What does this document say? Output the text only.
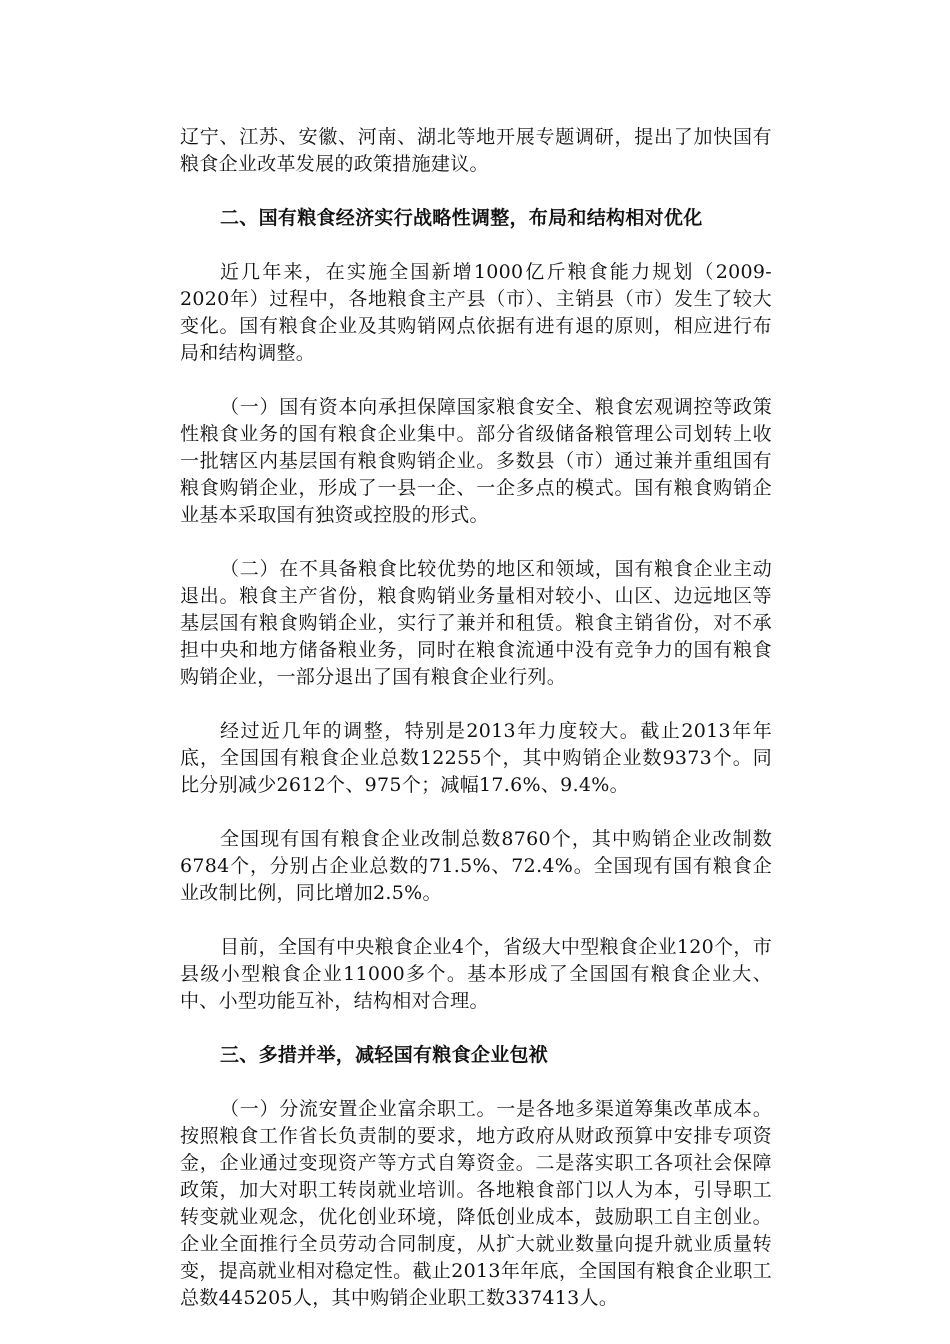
辽宁、江苏、安徽、河南、湖北等地开展专题调研，提出了加快国有粮食企业改革发展的政策措施建议。

二、国有粮食经济实行战略性调整，布局和结构相对优化

近几年来，在实施全国新增1000亿斤粮食能力规划（2009-2020年）过程中，各地粮食主产县（市）、主销县（市）发生了较大变化。国有粮食企业及其购销网点依据有进有退的原则，相应进行布局和结构调整。

（一）国有资本向承担保障国家粮食安全、粮食宏观调控等政策性粮食业务的国有粮食企业集中。部分省级储备粮管理公司划转上收一批辖区内基层国有粮食购销企业。多数县（市）通过兼并重组国有粮食购销企业，形成了一县一企、一企多点的模式。国有粮食购销企业基本采取国有独资或控股的形式。

（二）在不具备粮食比较优势的地区和领域，国有粮食企业主动退出。粮食主产省份，粮食购销业务量相对较小、山区、边远地区等基层国有粮食购销企业，实行了兼并和租赁。粮食主销省份，对不承担中央和地方储备粮业务，同时在粮食流通中没有竞争力的国有粮食购销企业，一部分退出了国有粮食企业行列。

经过近几年的调整，特别是2013年力度较大。截止2013年年底，全国国有粮食企业总数12255个，其中购销企业数9373个。同比分别减少2612个、975个；减幅17.6%、9.4%。

全国现有国有粮食企业改制总数8760个，其中购销企业改制数6784个，分别占企业总数的71.5%、72.4%。全国现有国有粮食企业改制比例，同比增加2.5%。

目前，全国有中央粮食企业4个，省级大中型粮食企业120个，市县级小型粮食企业11000多个。基本形成了全国国有粮食企业大、中、小型功能互补，结构相对合理。

三、多措并举，减轻国有粮食企业包袱

（一）分流安置企业富余职工。一是各地多渠道筹集改革成本。按照粮食工作省长负责制的要求，地方政府从财政预算中安排专项资金，企业通过变现资产等方式自筹资金。二是落实职工各项社会保障政策，加大对职工转岗就业培训。各地粮食部门以人为本，引导职工转变就业观念，优化创业环境，降低创业成本，鼓励职工自主创业。企业全面推行全员劳动合同制度，从扩大就业数量向提升就业质量转变，提高就业相对稳定性。截止2013年年底，全国国有粮食企业职工总数445205人，其中购销企业职工数337413人。
